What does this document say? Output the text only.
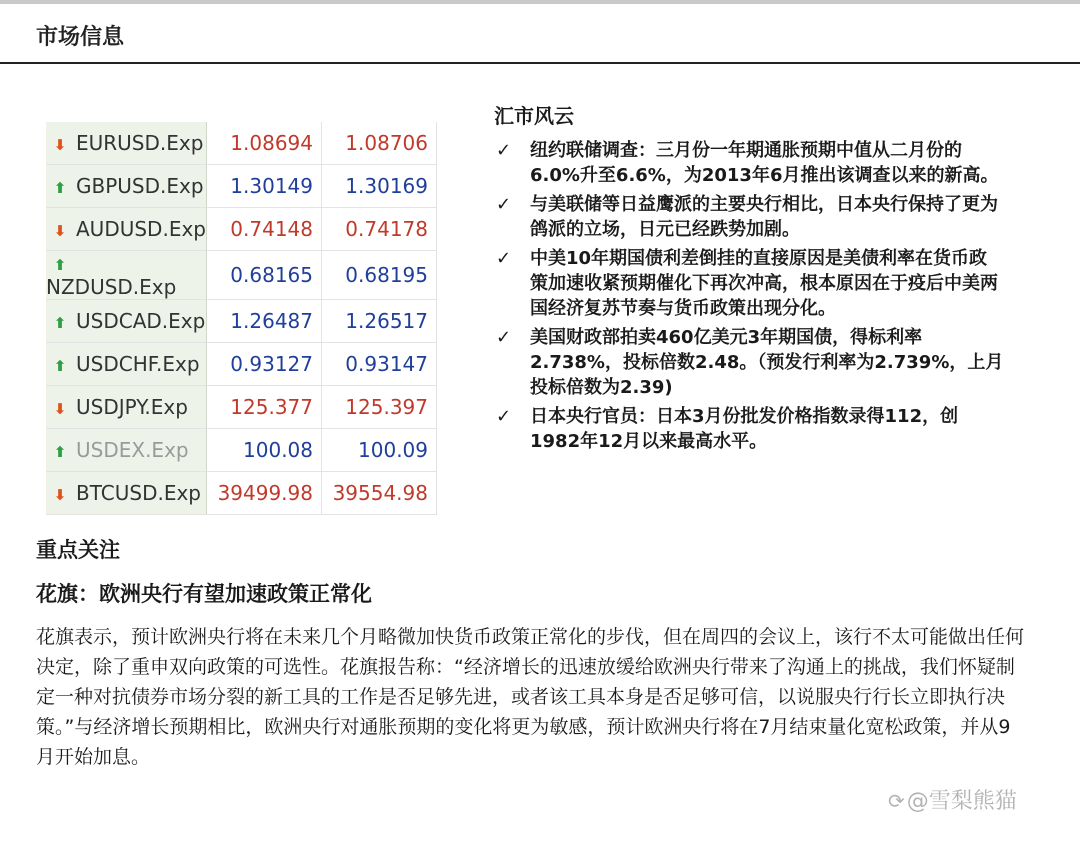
市场信息
⬇ EURUSD.Exp	1.08694	1.08706
⬆ GBPUSD.Exp	1.30149	1.30169
⬇ AUDUSD.Exp	0.74148	0.74178
⬆NZDUSD.Exp	0.68165	0.68195
⬆ USDCAD.Exp	1.26487	1.26517
⬆ USDCHF.Exp	0.93127	0.93147
⬇ USDJPY.Exp	125.377	125.397
⬆ USDEX.Exp	100.08	100.09
⬇ BTCUSD.Exp	39499.98	39554.98
汇市风云
✓ 纽约联储调查：三月份一年期通胀预期中值从二月份的6.0%升至6.6%，为2013年6月推出该调查以来的新高。
✓ 与美联储等日益鹰派的主要央行相比，日本央行保持了更为鸽派的立场，日元已经跌势加剧。
✓ 中美10年期国债利差倒挂的直接原因是美债利率在货币政策加速收紧预期催化下再次冲高，根本原因在于疫后中美两国经济复苏节奏与货币政策出现分化。
✓ 美国财政部拍卖460亿美元3年期国债，得标利率2.738%，投标倍数2.48。（预发行利率为2.739%，上月投标倍数为2.39)
✓ 日本央行官员：日本3月份批发价格指数录得112，创1982年12月以来最高水平。
重点关注
花旗：欧洲央行有望加速政策正常化

花旗表示，预计欧洲央行将在未来几个月略微加快货币政策正常化的步伐，但在周四的会议上，该行不太可能做出任何决定，除了重申双向政策的可选性。花旗报告称：“经济增长的迅速放缓给欧洲央行带来了沟通上的挑战，我们怀疑制定一种对抗债券市场分裂的新工具的工作是否足够先进，或者该工具本身是否足够可信，以说服央行行长立即执行决策。”与经济增长预期相比，欧洲央行对通胀预期的变化将更为敏感，预计欧洲央行将在7月结束量化宽松政策，并从9月开始加息。

⟳@雪梨熊猫
